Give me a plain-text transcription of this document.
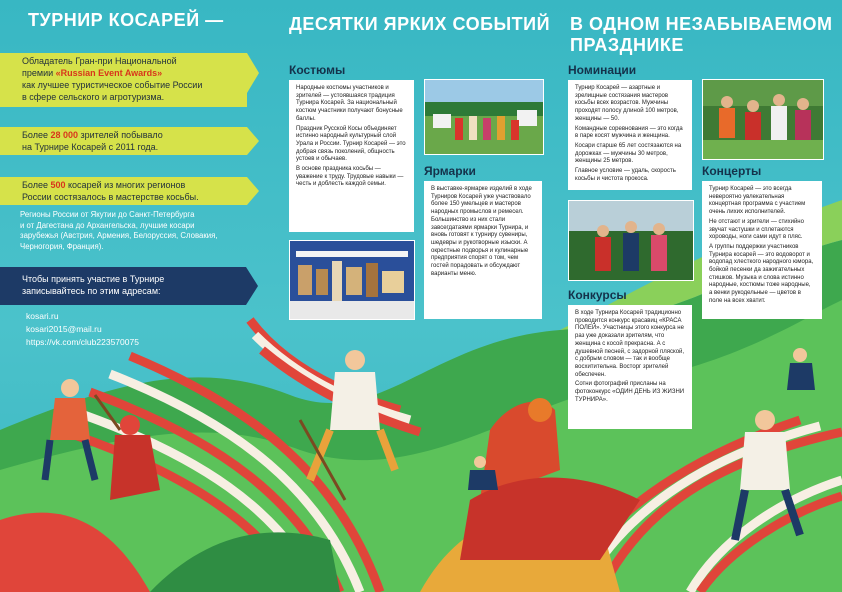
ТУРНИР КОСАРЕЙ —	ДЕСЯТКИ ЯРКИХ СОБЫТИЙ В ОДНОМ НЕЗАБЫВАЕМОМ
ПРАЗДНИКЕ
Обладатель Гран-при Национальной
премии «Russian Event Awards»
как лучшее туристическое событие России
в сфере сельского и агротуризма.
Более 28 000 зрителей побывало
на Турнире Косарей с 2011 года.
Более 500 косарей из многих регионов
России состязалось в мастерстве косьбы.
Регионы России от Якутии до Санкт-Петербурга
и от Дагестана до Архангельска, лучшие косари
зарубежья (Австрия, Армения, Белоруссия, Словакия,
Черногория, Франция).
Чтобы принять участие в Турнире
записывайтесь по этим адресам:
kosari.ru
kosari2015@mail.ru
https://vk.com/club223570075
Костюмы

Народные костюмы участников и зрителей — устоявшаяся традиция Турнира Косарей. За национальный костюм участники получают бонусные баллы.

Праздник Русской Косы объединяет истинно народный культурный слой Урала и России. Турнир Косарей — это добрая связь поколений, общность устоев и обычаев.

В основе праздника косьбы — уважение к труду. Трудовые навыки — честь и доблесть каждой семьи.

Ярмарки

В выставке-ярмарке изделий в ходе Турниров Косарей уже участвовало более 150 умельцев и мастеров народных промыслов и ремесел. Большинство из них стали завсегдатаями ярмарки Турнира, и вновь готовят к турниру сувениры, шедевры и рукотворные изыски. А окрестные подворья и кулинарные предприятия спорят о том, чем гостей порадовать и обсуждают варианты меню.

Номинации

Турнир Косарей — азартные и зрелищные состязания мастеров косьбы всех возрастов. Мужчины проходят полосу длиной 100 метров, женщины — 50.

Командные соревнования — это когда в паре косят мужчина и женщина.

Косари старше 65 лет состязаются на дорожках — мужчины 30 метров, женщины 25 метров.

Главное условие — удаль, скорость косьбы и чистота прокоса.

Концерты

Турнир Косарей — это всегда невероятно увлекательная концертная программа с участием очень лихих исполнителей.

Не отстают и зрители — стихийно звучат частушки и сплетаются хороводы, ноги сами идут в пляс.

А группы поддержки участников Турнира косарей — это водоворот и водопад хлесткого народного юмора, бойкой песенки да зажигательных стишков. Музыка и слова истинно народные, костюмы тоже народные, а венки рукодельные — цветов в поле на всех хватит.

Конкурсы

В ходе Турнира Косарей традиционно проводится конкурс красавиц «КРАСА ПОЛЕЙ». Участницы этого конкурса не раз уже доказали зрителям, что женщина с косой прекрасна. А с душевной песней, с задорной пляской, с добрым словом — так и вообще восхитительна. Восторг зрителей обеспечен.

Сотни фотографий присланы на фотоконкурс «ОДИН ДЕНЬ ИЗ ЖИЗНИ ТУРНИРА».
